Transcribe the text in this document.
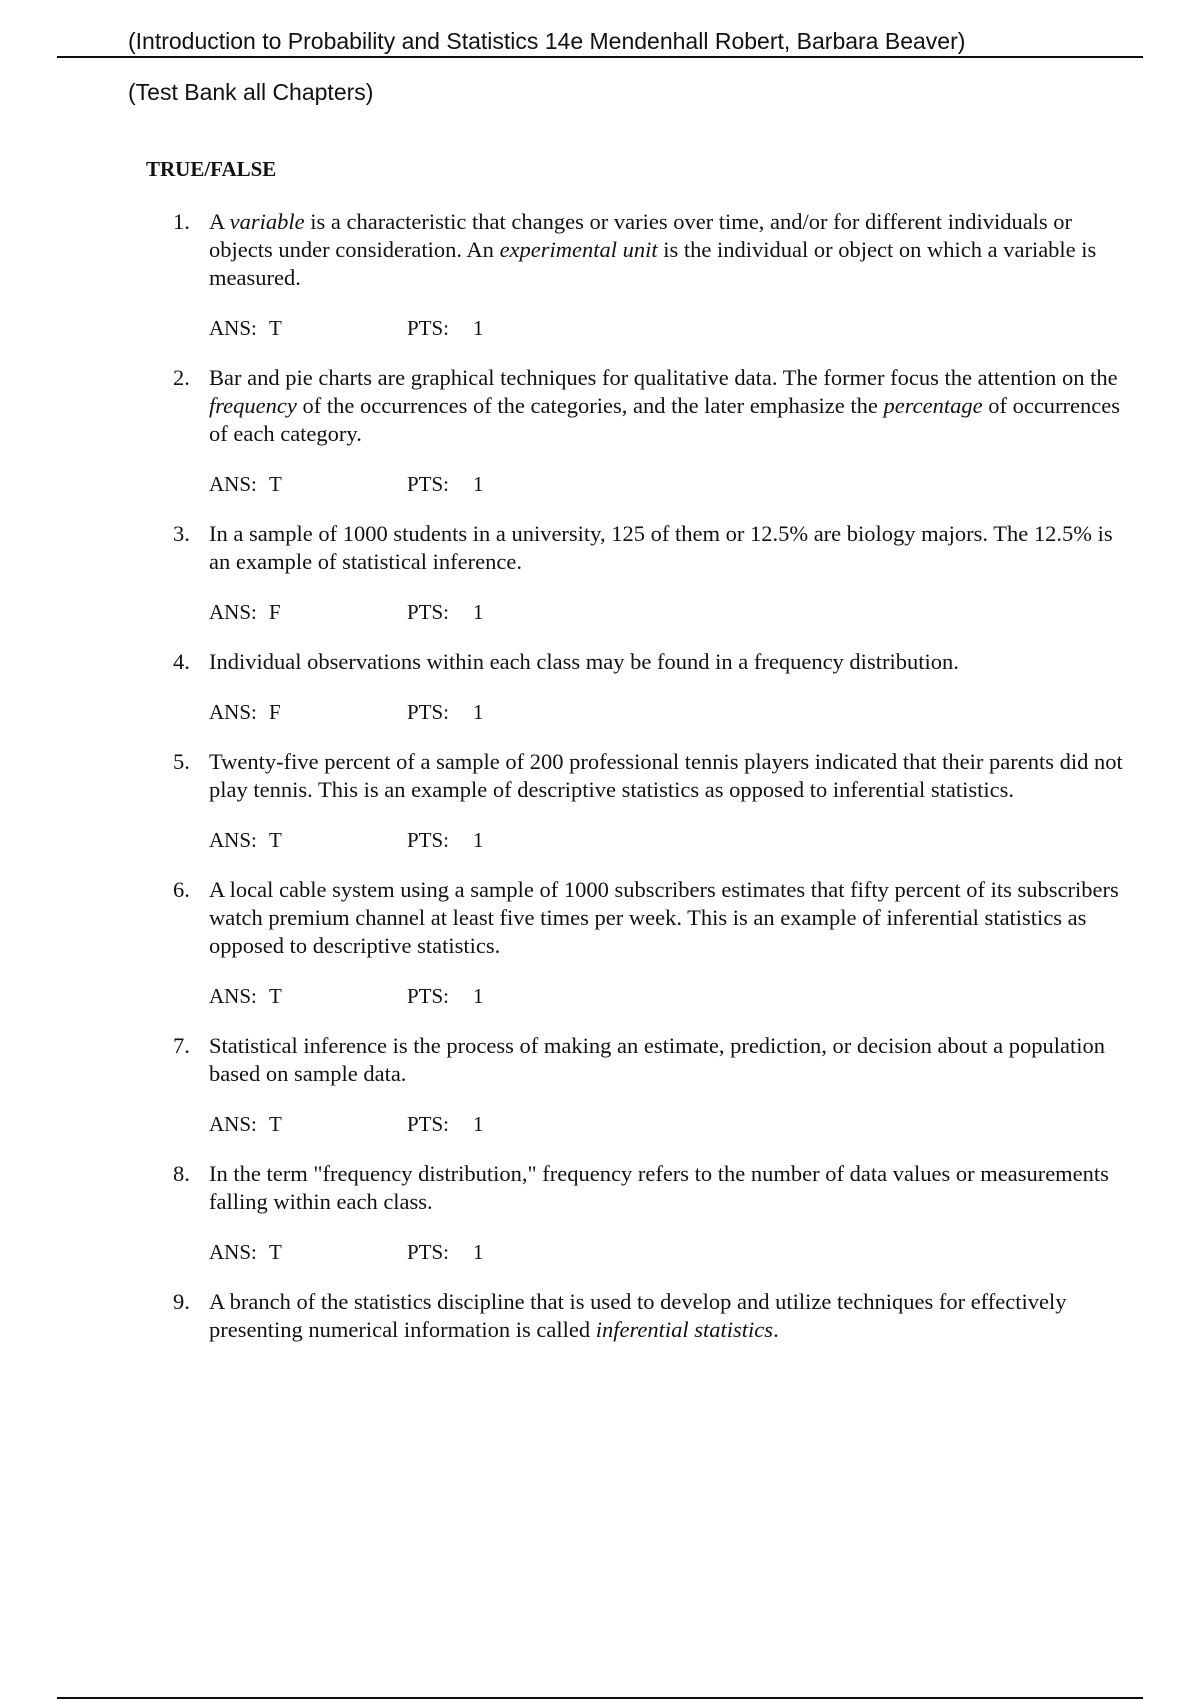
(Introduction to Probability and Statistics 14e Mendenhall Robert, Barbara Beaver)
(Test Bank all Chapters)
TRUE/FALSE
1. A variable is a characteristic that changes or varies over time, and/or for different individuals or objects under consideration. An experimental unit is the individual or object on which a variable is measured.
ANS: T	PTS:	1
2. Bar and pie charts are graphical techniques for qualitative data. The former focus the attention on the frequency of the occurrences of the categories, and the later emphasize the percentage of occurrences of each category.
ANS: T	PTS:	1
3. In a sample of 1000 students in a university, 125 of them or 12.5% are biology majors. The 12.5% is an example of statistical inference.
ANS: F	PTS:	1
4. Individual observations within each class may be found in a frequency distribution.
ANS: F	PTS:	1
5. Twenty-five percent of a sample of 200 professional tennis players indicated that their parents did not play tennis. This is an example of descriptive statistics as opposed to inferential statistics.
ANS: T	PTS:	1
6. A local cable system using a sample of 1000 subscribers estimates that fifty percent of its subscribers watch premium channel at least five times per week. This is an example of inferential statistics as opposed to descriptive statistics.
ANS: T	PTS:	1
7. Statistical inference is the process of making an estimate, prediction, or decision about a population based on sample data.
ANS: T	PTS:	1
8. In the term "frequency distribution," frequency refers to the number of data values or measurements falling within each class.
ANS: T	PTS:	1
9. A branch of the statistics discipline that is used to develop and utilize techniques for effectively presenting numerical information is called inferential statistics.
